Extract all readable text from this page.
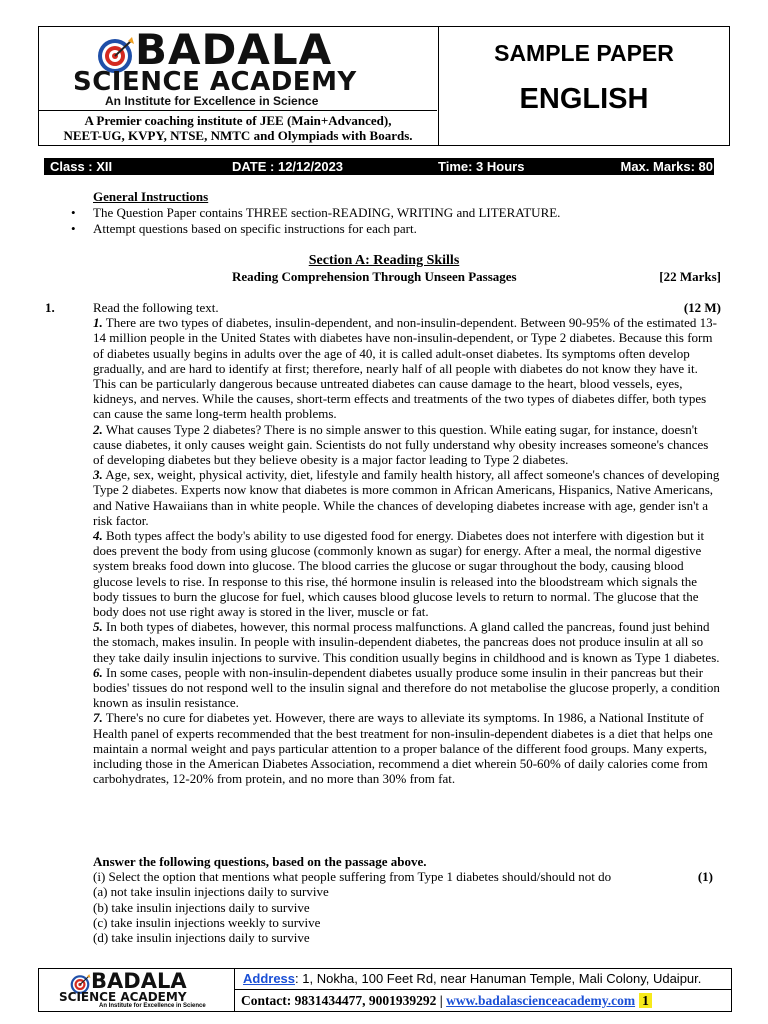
BADALA
SCIENCE ACADEMY
An Institute for Excellence in Science
A Premier coaching institute of JEE (Main+Advanced),
NEET-UG, KVPY, NTSE, NMTC and Olympiads with Boards.
SAMPLE PAPER
ENGLISH
Class : XII	DATE : 12/12/2023	Time: 3 Hours	Max. Marks: 80
General Instructions
• The Question Paper contains THREE section-READING, WRITING and LITERATURE.
• Attempt questions based on specific instructions for each part.
Section A: Reading Skills
Reading Comprehension Through Unseen Passages	[22 Marks]
1.	Read the following text.	(12 M)

1. There are two types of diabetes, insulin-dependent, and non-insulin-dependent. Between 90-95% of the estimated 13-14 million people in the United States with diabetes have non-insulin-dependent, or Type 2 diabetes. Because this form of diabetes usually begins in adults over the age of 40, it is called adult-onset diabetes. Its symptoms often develop gradually, and are hard to identify at first; therefore, nearly half of all people with diabetes do not know they have it. This can be particularly dangerous because untreated diabetes can cause damage to the heart, blood vessels, eyes, kidneys, and nerves. While the causes, short-term effects and treatments of the two types of diabetes differ, both types can cause the same long-term health problems.

2. What causes Type 2 diabetes? There is no simple answer to this question. While eating sugar, for instance, doesn't cause diabetes, it only causes weight gain. Scientists do not fully understand why obesity increases someone's chances of developing diabetes but they believe obesity is a major factor leading to Type 2 diabetes.

3. Age, sex, weight, physical activity, diet, lifestyle and family health history, all affect someone's chances of developing Type 2 diabetes. Experts now know that diabetes is more common in African Americans, Hispanics, Native Americans, and Native Hawaiians than in white people. While the chances of developing diabetes increase with age, gender isn't a risk factor.

4. Both types affect the body's ability to use digested food for energy. Diabetes does not interfere with digestion but it does prevent the body from using glucose (commonly known as sugar) for energy. After a meal, the normal digestive system breaks food down into glucose. The blood carries the glucose or sugar throughout the body, causing blood glucose levels to rise. In response to this rise, thé hormone insulin is released into the bloodstream which signals the body tissues to burn the glucose for fuel, which causes blood glucose levels to return to normal. The glucose that the body does not use right away is stored in the liver, muscle or fat.

5. In both types of diabetes, however, this normal process malfunctions. A gland called the pancreas, found just behind the stomach, makes insulin. In people with insulin-dependent diabetes, the pancreas does not produce insulin at all so they take daily insulin injections to survive. This condition usually begins in childhood and is known as Type 1 diabetes.

6. In some cases, people with non-insulin-dependent diabetes usually produce some insulin in their pancreas but their bodies' tissues do not respond well to the insulin signal and therefore do not metabolise the glucose properly, a condition known as insulin resistance.

7. There's no cure for diabetes yet. However, there are ways to alleviate its symptoms. In 1986, a National Institute of Health panel of experts recommended that the best treatment for non-insulin-dependent diabetes is a diet that helps one maintain a normal weight and pays particular attention to a proper balance of the different food groups. Many experts, including those in the American Diabetes Association, recommend a diet wherein 50-60% of daily calories come from carbohydrates, 12-20% from protein, and no more than 30% from fat.

Answer the following questions, based on the passage above.
(i) Select the option that mentions what people suffering from Type 1 diabetes should/should not do	(1)
(a) not take insulin injections daily to survive
(b) take insulin injections daily to survive
(c) take insulin injections weekly to survive
(d) take insulin injections daily to survive
BADALA
SCIENCE ACADEMY
An Institute for Excellence in Science
Address: 1, Nokha, 100 Feet Rd, near Hanuman Temple, Mali Colony, Udaipur.
Contact: 9831434477, 9001939292 | www.badalascienceacademy.com 1
